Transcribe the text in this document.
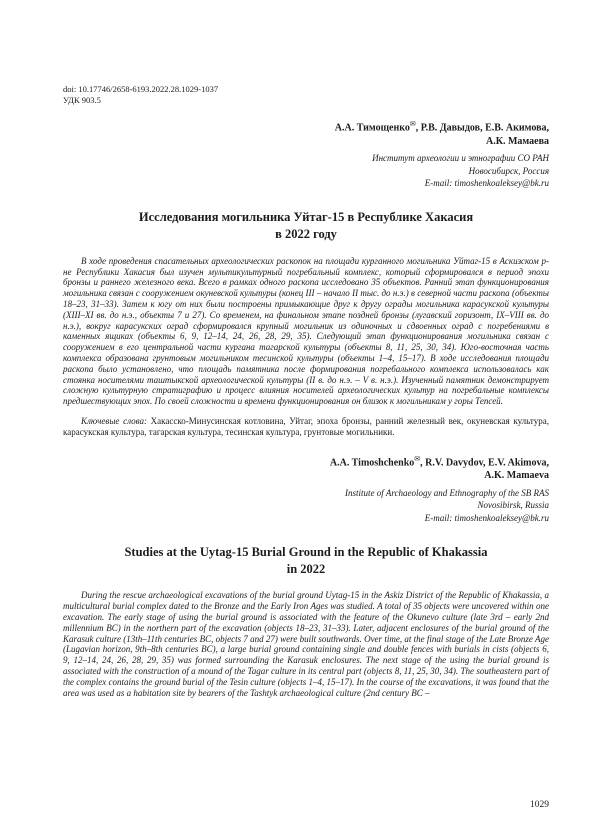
doi: 10.17746/2658-6193.2022.28.1029-1037
УДК 903.5
А.А. Тимощенко✉, Р.В. Давыдов, Е.В. Акимова,
А.К. Мамаева
Институт археологии и этнографии СО РАН
Новосибирск, Россия
E-mail: timoshenkoaleksey@bk.ru
Исследования могильника Уйтаг-15 в Республике Хакасия
в 2022 году

В ходе проведения спасательных археологических раскопок на площади курганного могильника Уйтаг-15 в Аскизском р-не Республики Хакасия был изучен мультикультурный погребальный комплекс, который сформировался в период эпохи бронзы и раннего железного века. Всего в рамках одного раскопа исследовано 35 объектов. Ранний этап функционирования могильника связан с сооружением окуневской культуры (конец III – начало II тыс. до н.э.) в северной части раскопа (объекты 18–23, 31–33). Затем к югу от них были построены примыкающие друг к другу ограды могильника карасукской культуры (XIII–XI вв. до н.э., объекты 7 и 27). Со временем, на финальном этапе поздней бронзы (лугавский горизонт, IX–VIII вв. до н.э.), вокруг карасукских оград сформировался крупный могильник из одиночных и сдвоенных оград с погребениями в каменных ящиках (объекты 6, 9, 12–14, 24, 26, 28, 29, 35). Следующий этап функционирования могильника связан с сооружением в его центральной части кургана тагарской культуры (объекты 8, 11, 25, 30, 34). Юго-восточная часть комплекса образована грунтовым могильником тесинской культуры (объекты 1–4, 15–17). В ходе исследования площади раскопа было установлено, что площадь памятника после формирования погребального комплекса использовалась как стоянка носителями таштыкской археологической культуры (II в. до н.э. – V в. н.э.). Изученный памятник демонстрирует сложную культурную стратиграфию и процесс влияния носителей археологических культур на погребальные комплексы предшествующих эпох. По своей сложности и времени функционирования он близок к могильникам у горы Тепсей.

Ключевые слова: Хакасско-Минусинская котловина, Уйтаг, эпоха бронзы, ранний железный век, окуневская культура, карасукская культура, тагарская культура, тесинская культура, грунтовые могильники.

A.A. Timoshchenko✉, R.V. Davydov, E.V. Akimova,
A.K. Mamaeva
Institute of Archaeology and Ethnography of the SB RAS
Novosibirsk, Russia
E-mail: timoshenkoaleksey@bk.ru
Studies at the Uytag-15 Burial Ground in the Republic of Khakassia
in 2022

During the rescue archaeological excavations of the burial ground Uytag-15 in the Askiz District of the Republic of Khakassia, a multicultural burial complex dated to the Bronze and the Early Iron Ages was studied. A total of 35 objects were uncovered within one excavation. The early stage of using the burial ground is associated with the feature of the Okunevo culture (late 3rd – early 2nd millennium BC) in the northern part of the excavation (objects 18–23, 31–33). Later, adjacent enclosures of the burial ground of the Karasuk culture (13th–11th centuries BC, objects 7 and 27) were built southwards. Over time, at the final stage of the Late Bronze Age (Lugavian horizon, 9th–8th centuries BC), a large burial ground containing single and double fences with burials in cists (objects 6, 9, 12–14, 24, 26, 28, 29, 35) was formed surrounding the Karasuk enclosures. The next stage of the using the burial ground is associated with the construction of a mound of the Tagar culture in its central part (objects 8, 11, 25, 30, 34). The southeastern part of the complex contains the ground burial of the Tesin culture (objects 1–4, 15–17). In the course of the excavations, it was found that the area was used as a habitation site by bearers of the Tashtyk archaeological culture (2nd century BC –

1029
